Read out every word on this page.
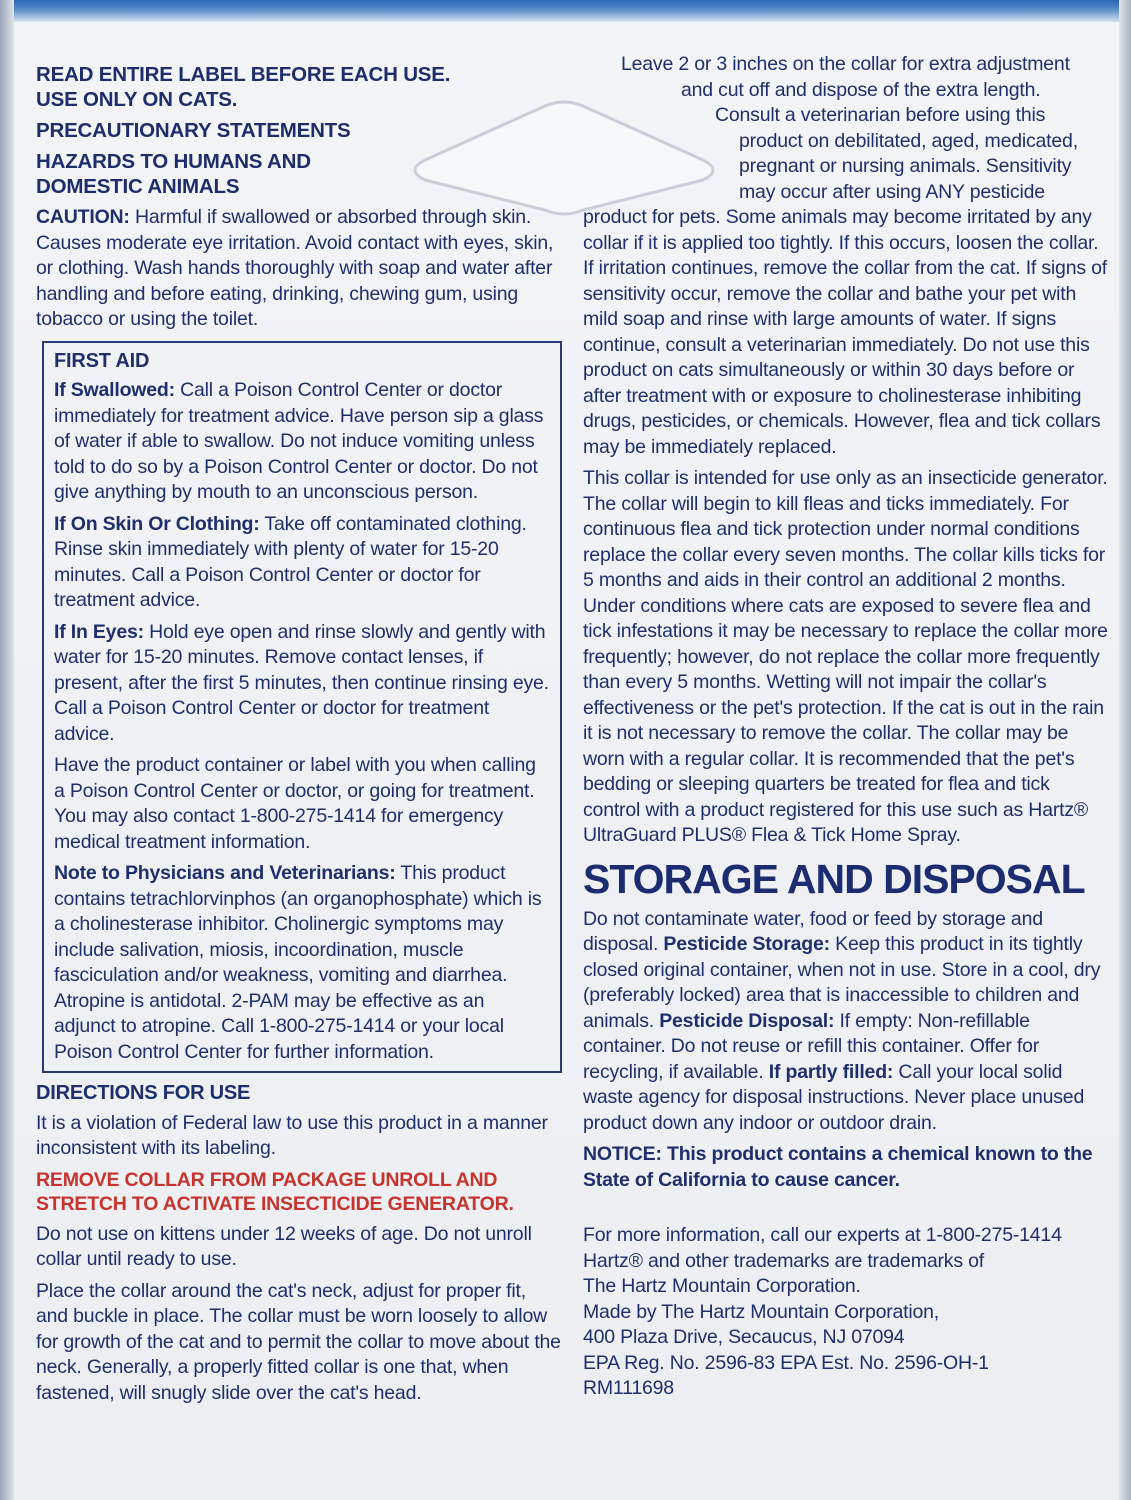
READ ENTIRE LABEL BEFORE EACH USE.
USE ONLY ON CATS.
PRECAUTIONARY STATEMENTS
HAZARDS TO HUMANS AND
DOMESTIC ANIMALS

CAUTION: Harmful if swallowed or absorbed through skin. Causes moderate eye irritation. Avoid contact with eyes, skin, or clothing. Wash hands thoroughly with soap and water after handling and before eating, drinking, chewing gum, using tobacco or using the toilet.

FIRST AID

If Swallowed: Call a Poison Control Center or doctor immediately for treatment advice. Have person sip a glass of water if able to swallow. Do not induce vomiting unless told to do so by a Poison Control Center or doctor. Do not give anything by mouth to an unconscious person.

If On Skin Or Clothing: Take off contaminated clothing. Rinse skin immediately with plenty of water for 15-20 minutes. Call a Poison Control Center or doctor for treatment advice.

If In Eyes: Hold eye open and rinse slowly and gently with water for 15-20 minutes. Remove contact lenses, if present, after the first 5 minutes, then continue rinsing eye. Call a Poison Control Center or doctor for treatment advice.

Have the product container or label with you when calling a Poison Control Center or doctor, or going for treatment. You may also contact 1-800-275-1414 for emergency medical treatment information.

Note to Physicians and Veterinarians: This product contains tetrachlorvinphos (an organophosphate) which is a cholinesterase inhibitor. Cholinergic symptoms may include salivation, miosis, incoordination, muscle fasciculation and/or weakness, vomiting and diarrhea. Atropine is antidotal. 2-PAM may be effective as an adjunct to atropine. Call 1-800-275-1414 or your local Poison Control Center for further information.

DIRECTIONS FOR USE

It is a violation of Federal law to use this product in a manner inconsistent with its labeling.

REMOVE COLLAR FROM PACKAGE UNROLL AND STRETCH TO ACTIVATE INSECTICIDE GENERATOR.

Do not use on kittens under 12 weeks of age. Do not unroll collar until ready to use.

Place the collar around the cat's neck, adjust for proper fit, and buckle in place. The collar must be worn loosely to allow for growth of the cat and to permit the collar to move about the neck. Generally, a properly fitted collar is one that, when fastened, will snugly slide over the cat's head.

Leave 2 or 3 inches on the collar for extra adjustment
and cut off and dispose of the extra length.
Consult a veterinarian before using this
product on debilitated, aged, medicated,
pregnant or nursing animals. Sensitivity
may occur after using ANY pesticide

product for pets. Some animals may become irritated by any collar if it is applied too tightly. If this occurs, loosen the collar. If irritation continues, remove the collar from the cat. If signs of sensitivity occur, remove the collar and bathe your pet with mild soap and rinse with large amounts of water. If signs continue, consult a veterinarian immediately. Do not use this product on cats simultaneously or within 30 days before or after treatment with or exposure to cholinesterase inhibiting drugs, pesticides, or chemicals. However, flea and tick collars may be immediately replaced.

This collar is intended for use only as an insecticide generator. The collar will begin to kill fleas and ticks immediately. For continuous flea and tick protection under normal conditions replace the collar every seven months. The collar kills ticks for 5 months and aids in their control an additional 2 months. Under conditions where cats are exposed to severe flea and tick infestations it may be necessary to replace the collar more frequently; however, do not replace the collar more frequently than every 5 months. Wetting will not impair the collar's effectiveness or the pet's protection. If the cat is out in the rain it is not necessary to remove the collar. The collar may be worn with a regular collar. It is recommended that the pet's bedding or sleeping quarters be treated for flea and tick control with a product registered for this use such as Hartz® UltraGuard PLUS® Flea & Tick Home Spray.

STORAGE AND DISPOSAL

Do not contaminate water, food or feed by storage and disposal. Pesticide Storage: Keep this product in its tightly closed original container, when not in use. Store in a cool, dry (preferably locked) area that is inaccessible to children and animals. Pesticide Disposal: If empty: Non-refillable container. Do not reuse or refill this container. Offer for recycling, if available. If partly filled: Call your local solid waste agency for disposal instructions. Never place unused product down any indoor or outdoor drain.

NOTICE: This product contains a chemical known to the State of California to cause cancer.

For more information, call our experts at 1-800-275-1414

Hartz® and other trademarks are trademarks of

The Hartz Mountain Corporation.

Made by The Hartz Mountain Corporation,

400 Plaza Drive, Secaucus, NJ 07094

EPA Reg. No. 2596-83 EPA Est. No. 2596-OH-1

RM111698
